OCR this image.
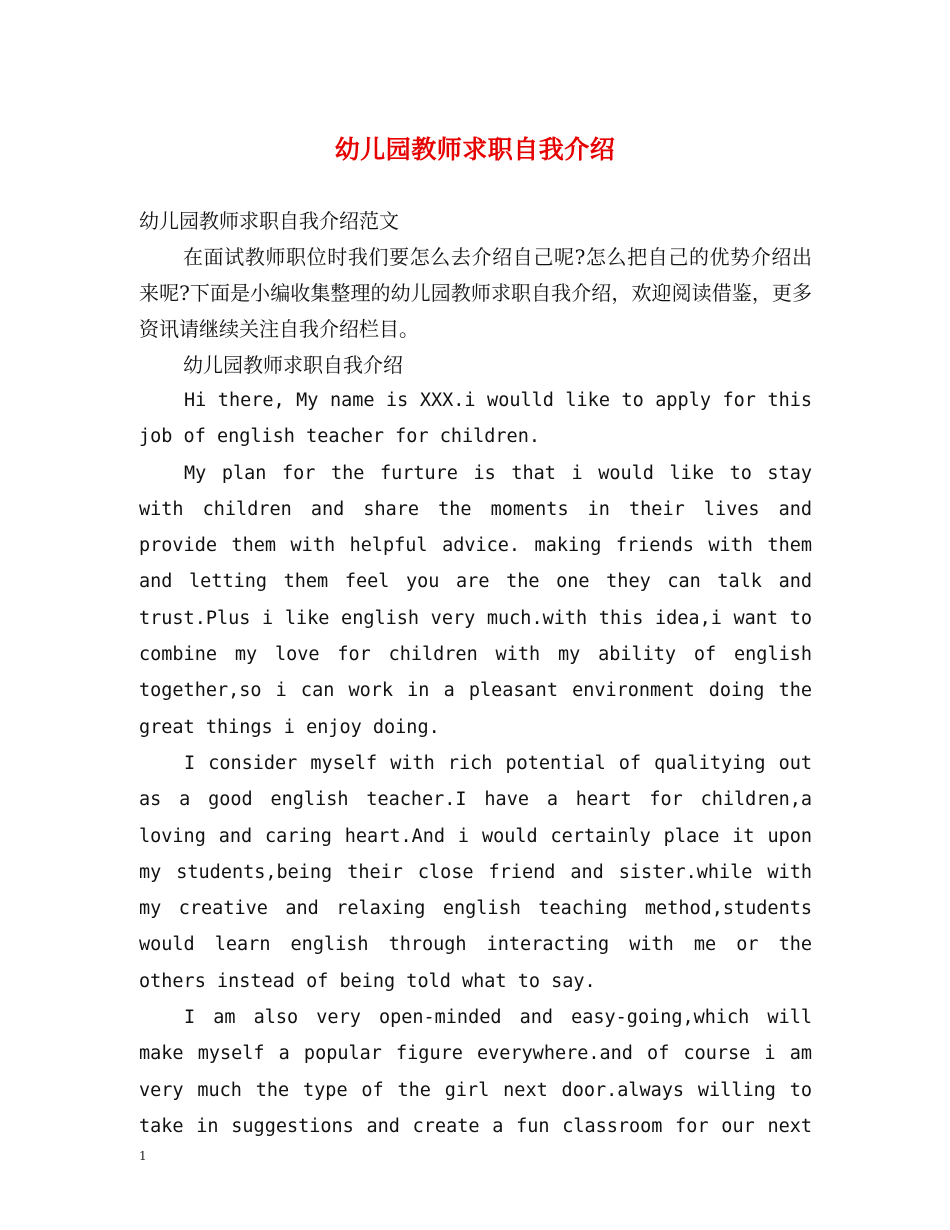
幼儿园教师求职自我介绍

幼儿园教师求职自我介绍范文

在面试教师职位时我们要怎么去介绍自己呢?怎么把自己的优势介绍出来呢?下面是小编收集整理的幼儿园教师求职自我介绍，欢迎阅读借鉴，更多资讯请继续关注自我介绍栏目。

幼儿园教师求职自我介绍

Hi there, My name is XXX.i woulld like to apply for this job of english teacher for children.

My plan for the furture is that i would like to stay with children and share the moments in their lives and provide them with helpful advice. making friends with them and letting them feel you are the one they can talk and trust.Plus i like english very much.with this idea,i want to combine my love for children with my ability of english together,so i can work in a pleasant environment doing the great things i enjoy doing.

I consider myself with rich potential of qualitying out as a good english teacher.I have a heart for children,a loving and caring heart.And i would certainly place it upon my students,being their close friend and sister.while with my creative and relaxing english teaching method,students would learn english through interacting with me or the others instead of being told what to say.

I am also very open-minded and easy-going,which will make myself a popular figure everywhere.and of course i am very much the type of the girl next door.always willing to take in suggestions and create a fun classroom for our next

1
